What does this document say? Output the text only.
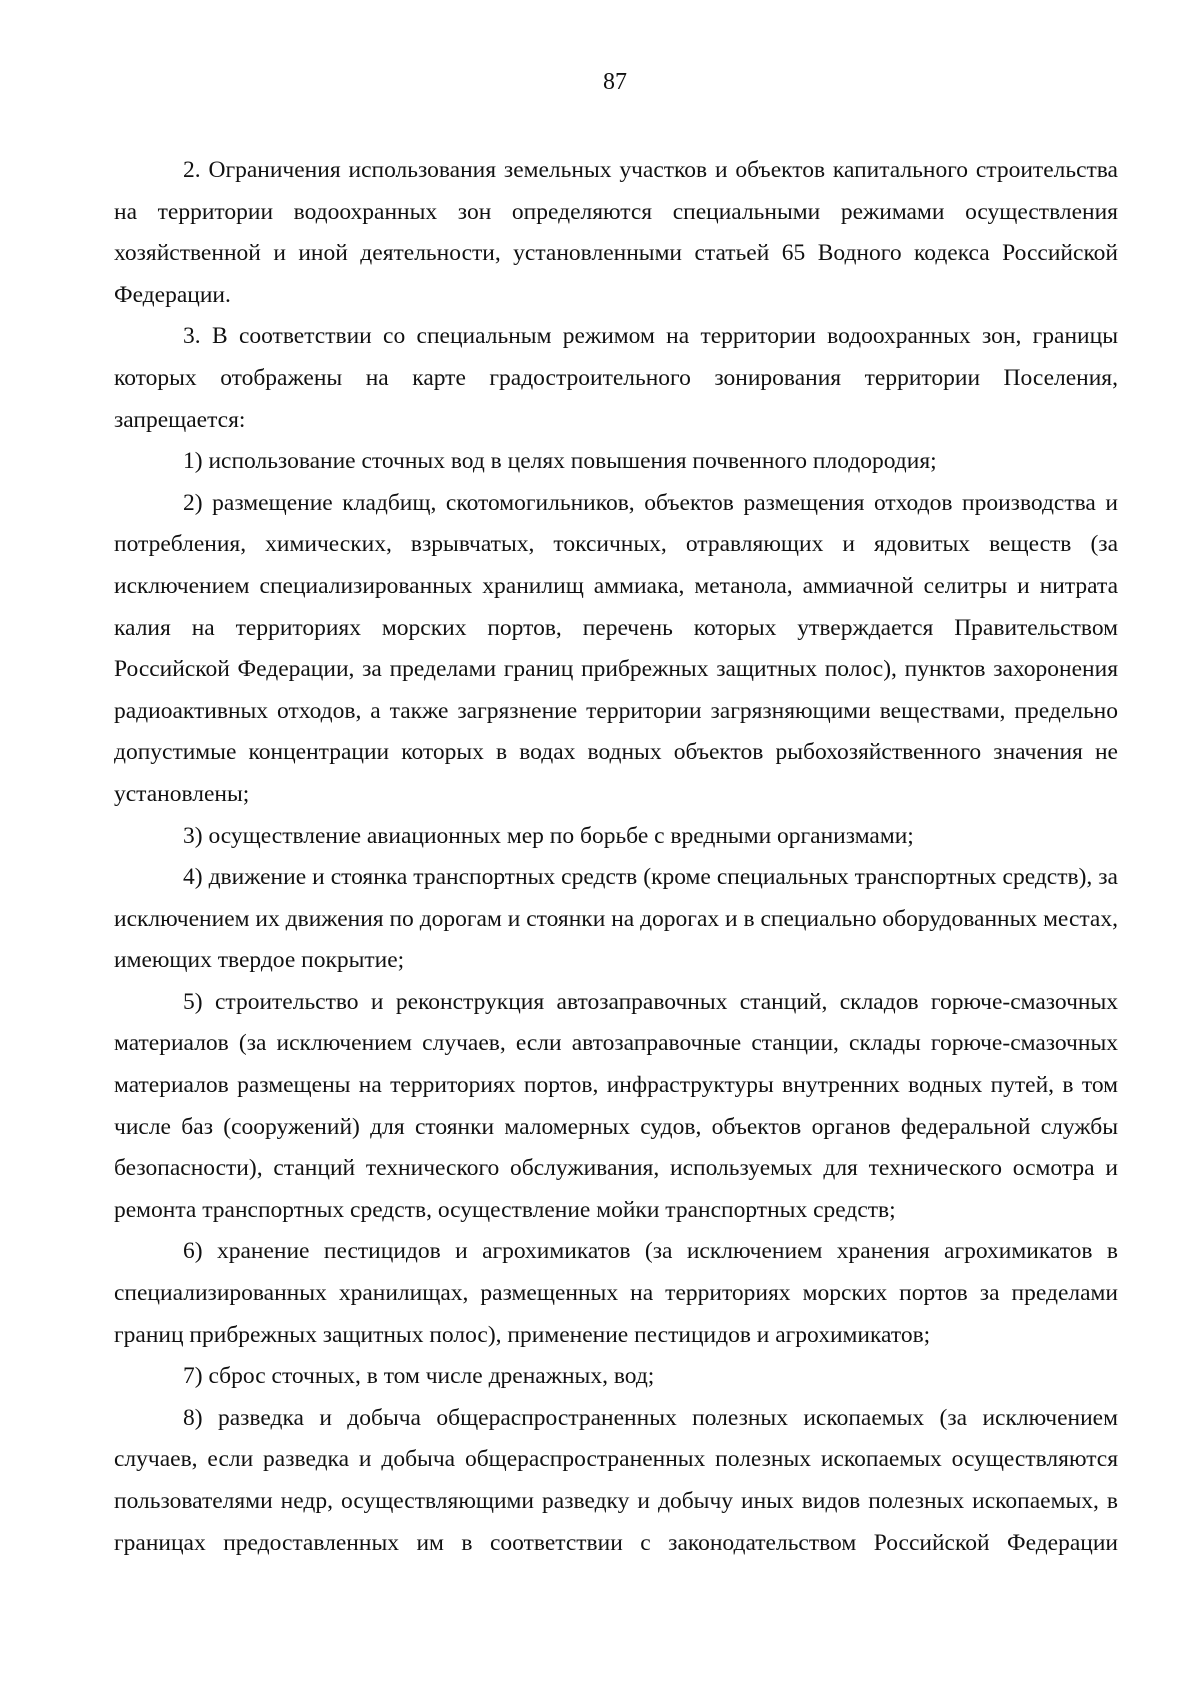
87

2. Ограничения использования земельных участков и объектов капитального строительства на территории водоохранных зон определяются специальными режимами осуществления хозяйственной и иной деятельности, установленными статьей 65 Водного кодекса Российской Федерации.

3. В соответствии со специальным режимом на территории водоохранных зон, границы которых отображены на карте градостроительного зонирования территории Поселения, запрещается:

1) использование сточных вод в целях повышения почвенного плодородия;

2) размещение кладбищ, скотомогильников, объектов размещения отходов производства и потребления, химических, взрывчатых, токсичных, отравляющих и ядовитых веществ (за исключением специализированных хранилищ аммиака, метанола, аммиачной селитры и нитрата калия на территориях морских портов, перечень которых утверждается Правительством Российской Федерации, за пределами границ прибрежных защитных полос), пунктов захоронения радиоактивных отходов, а также загрязнение территории загрязняющими веществами, предельно допустимые концентрации которых в водах водных объектов рыбохозяйственного значения не установлены;

3) осуществление авиационных мер по борьбе с вредными организмами;

4) движение и стоянка транспортных средств (кроме специальных транспортных средств), за исключением их движения по дорогам и стоянки на дорогах и в специально оборудованных местах, имеющих твердое покрытие;

5) строительство и реконструкция автозаправочных станций, складов горюче-смазочных материалов (за исключением случаев, если автозаправочные станции, склады горюче-смазочных материалов размещены на территориях портов, инфраструктуры внутренних водных путей, в том числе баз (сооружений) для стоянки маломерных судов, объектов органов федеральной службы безопасности), станций технического обслуживания, используемых для технического осмотра и ремонта транспортных средств, осуществление мойки транспортных средств;

6) хранение пестицидов и агрохимикатов (за исключением хранения агрохимикатов в специализированных хранилищах, размещенных на территориях морских портов за пределами границ прибрежных защитных полос), применение пестицидов и агрохимикатов;

7) сброс сточных, в том числе дренажных, вод;

8) разведка и добыча общераспространенных полезных ископаемых (за исключением случаев, если разведка и добыча общераспространенных полезных ископаемых осуществляются пользователями недр, осуществляющими разведку и добычу иных видов полезных ископаемых, в границах предоставленных им в соответствии с законодательством Российской Федерации
